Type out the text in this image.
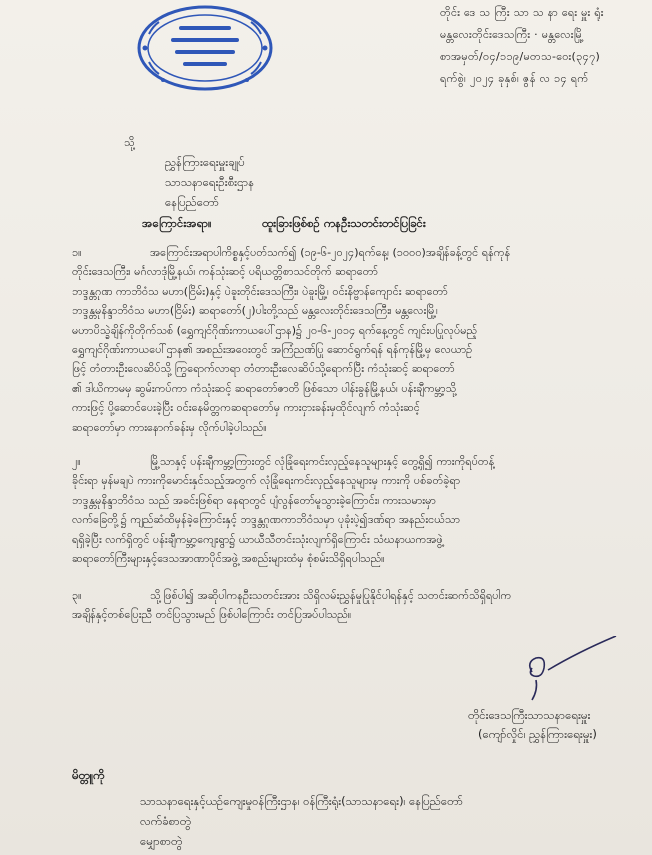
တိုင်း ဒေ သ ကြီး သာ သ နာ ရေး မှူး ရုံး
မန္တလေးတိုင်းဒေသကြီး · မန္တလေးမြို့
စာအမှတ်/၀၄/၁၁၉/မတသ-ဝေး(၃၄၇)
ရက်စွဲ၊ ၂၀၂၄ ခုနှစ်၊ ဇွန် လ ၁၄ ရက်
သို့
ညွှန်ကြားရေးမှူးချုပ်
သာသနာရေးဦးစီးဌာန
နေပြည်တော်
အကြောင်းအရာ။	ထူးခြားဖြစ်စဉ် ကနဦးသတင်းတင်ပြခြင်း
၁။	အကြောင်းအရာပါကိစ္စနှင့်ပတ်သက်၍ (၁၉-၆-၂၀၂၄)ရက်နေ့၊ (၁၀၀၀)အချိန်ခန့်တွင် ရန်ကုန်
တိုင်းဒေသကြီး၊ မင်္ဂလာဒုံမြို့နယ်၊ ကန်သုံးဆင့် ပရိယတ္တိစာသင်တိုက် ဆရာတော်
ဘဒ္ဒန္တဂုဏ ကာဘိဝံသ မဟာ(ငြိမ်း)နှင့် ပဲခူးတိုင်းဒေသကြီး၊ ပဲခူးမြို့၊ ဝင်းနိဗ္ဗာန်ကျောင်း ဆရာတော်
ဘဒ္ဒန္တမုနိန္ဒာဘိဝံသ မဟာ(ငြိမ်း) ဆရာတော်(၂)ပါးတို့သည် မန္တလေးတိုင်းဒေသကြီး၊ မန္တလေးမြို့၊
မဟာပိသ္ခဲချိန်ကိုတိုက်သစ် (ရွှေကျင်ဂိုဏ်းကာယပေါ်ဌာန)၌ ၂၀-၆-၂၀၁၄ ရက်နေ့တွင် ကျင်းပပြုလုပ်မည့်
ရွှေကျင်ဂိုဏ်းကာယပေါ်ဌာန၏ အစည်းအဝေးတွင် အကြံညဏ်ပြု ဆောင်ရွက်ရန် ရန်ကုန်မြို့မှ လေယာဉ်
ဖြင့် တံတားဦးလေဆိပ်သို့ ကြွရောက်လာရာ တံတားဦးလေဆိပ်သို့ရောက်ပြီး ကံသုံးဆင့် ဆရာတော်
၏ ဒါယိကာမမှ ဆွမ်းကပ်ကာ ကံသုံးဆင့် ဆရာတော်ဇာတိ ဖြစ်သော ပါန်းခွန်မြို့နယ်၊ ပန်းချီကမ္ဘာ့သို့
ကားဖြင့် ပို့ဆောင်ပေးခဲ့ပြီး ဝင်းနေမိတ္တကဆရာတော်မှ ကားငှားခန်းမှထိုင်လျက် ကံသုံးဆင့်
ဆရာတော်မှာ ကားနောက်ခန်းမှ လိုက်ပါခဲ့ပါသည်။
၂။	မြို့သာနှင့် ပန်းချီကမ္ဘာ့ကြားတွင် လုံခြုံရေးကင်းလှည့်နေသူများနှင့် တွေ့ရှိ၍ ကားကိုရပ်တန့်
ခိုင်းရာ မှန်မချပဲ ကားကိုမောင်းနှင်သည့်အတွက် လုံခြုံရေးကင်းလှည့်နေသူများမှ ကားကို ပစ်ခတ်ခဲ့ရာ
ဘဒ္ဒန္တမုနိန္ဒာဘိဝံသ သည် အခင်းဖြစ်ရာ နေရာတွင် ပျံလွန်တော်မူသွားခဲ့ကြောင်း၊ ကားသမားမှာ
လက်ခြေတို့၌ ကျည်ဆံထိမှန်ခဲ့ကြောင်းနှင့် ဘဒ္ဒန္တဂုဏကာဘိဝံသမှာ ပုခုံးပဲ့၍ဒဏ်ရာ အနည်းငယ်သာ
ရရှိခဲ့ပြီး လက်ရှိတွင် ပန်းချီကမ္ဘာ့ကျေးရွာ၌ ယာယီသီတင်းသုံးလျက်ရှိကြောင်း သံဃနာယကအဖွဲ့
ဆရာတော်ကြီးများနှင့်ဒေသအာဏာပိုင်အဖွဲ့ အစည်းများထံမှ စုံစမ်းသိရှိရပါသည်။
၃။	သို့ဖြစ်ပါ၍ အဆိုပါကနဦးသတင်းအား သိရှိလမ်းညွှန်မှုပြုနိုင်ပါရန်နှင့် သတင်းဆက်သိရှိရပါက
အချိန်နှင့်တစ်ပြေးညီ တင်ပြသွားမည် ဖြစ်ပါကြောင်း တင်ပြအပ်ပါသည်။
တိုင်းဒေသကြီးသာသနာရေးမှူး
(ကျော်လှိုင်၊ ညွှန်ကြားရေးမှူး)
မိတ္တူကို
သာသနာရေးနှင့်ယဉ်ကျေးမှုဝန်ကြီးဌာန၊ ဝန်ကြီးရုံး(သာသနာရေး)၊ နေပြည်တော်
လက်ခံစာတွဲ
မျှောစာတွဲ
